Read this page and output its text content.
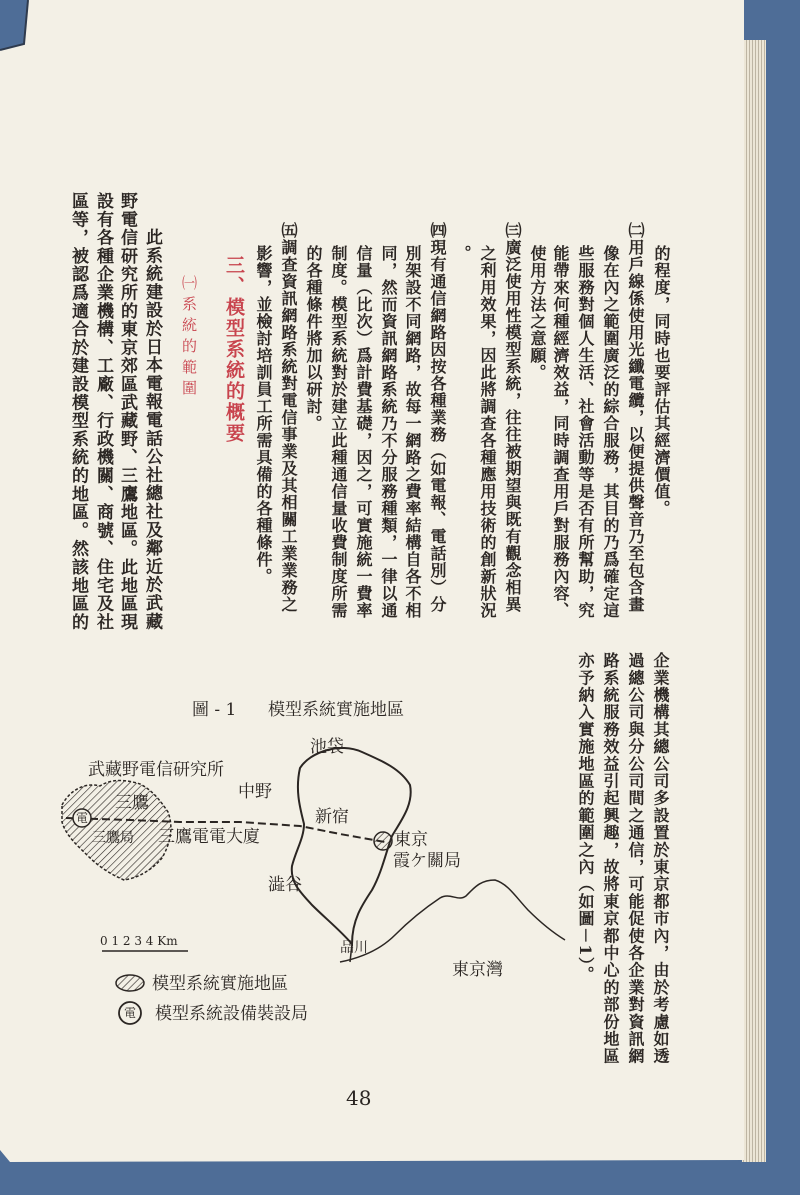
的程度，同時也要評估其經濟價值。
㈡用戶線係使用光纖電纜，以便提供聲音乃至包含畫
像在內之範圍廣泛的綜合服務，其目的乃爲確定這
些服務對個人生活、社會活動等是否有所幫助，究
能帶來何種經濟效益，同時調查用戶對服務內容、
使用方法之意願。
㈢廣泛使用性模型系統，往往被期望與既有觀念相異
之利用效果，因此將調查各種應用技術的創新狀況
。
㈣現有通信網路因按各種業務（如電報、電話別）分
別架設不同網路，故每一網路之費率結構自各不相
同，然而資訊網路系統乃不分服務種類，一律以通
信量（比次）爲計費基礎，因之，可實施統一費率
制度。模型系統對於建立此種通信量收費制度所需
的各種條件將加以研討。
㈤調查資訊網路系統對電信事業及其相關工業業務之
影響，並檢討培訓員工所需具備的各種條件。
三、模型系統的概要
㈠系統的範圍
此系統建設於日本電報電話公社總社及鄰近於武藏
野電信研究所的東京郊區武藏野、三鷹地區。此地區現
設有各種企業機構、工廠、行政機關、商號、住宅及社
區等，被認爲適合於建設模型系統的地區。然該地區的
企業機構其總公司多設置於東京都市內，由於考慮如透
過總公司與分公司間之通信，可能促使各企業對資訊網
路系統服務效益引起興趣，故將東京都中心的部份地區
亦予納入實施地區的範圍之內（如圖－1）。
圖 - 1 模型系統實施地區
電
池袋
武藏野電信研究所
中野
三鷹
新宿
東京
三鷹局 三鷹電電大廈
霞ケ關局
澁谷
品川
東京灣
0 1 2 3 4 Km
模型系統實施地區
電 模型系統設備裝設局
48
